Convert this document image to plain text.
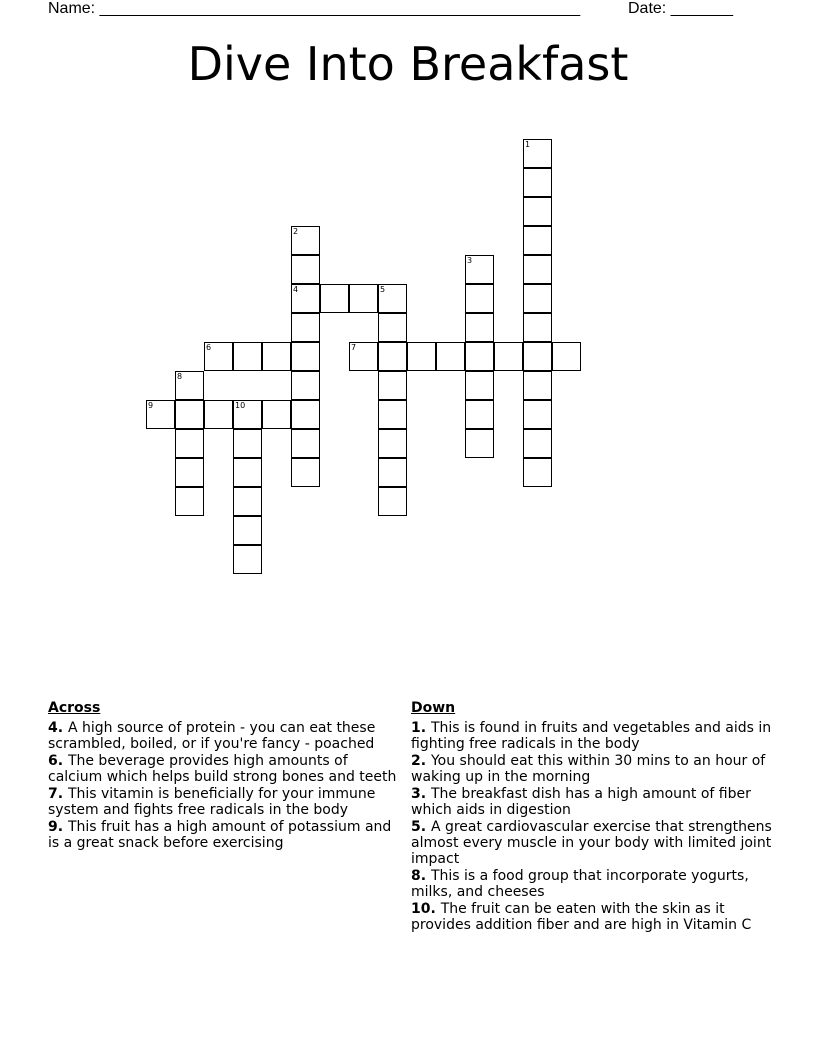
Name: ______________________________________________________	Date: _______
Dive Into Breakfast
4
6	7
9
1
2
3
5
8
10
Across
4. A high source of protein - you can eat these scrambled, boiled, or if you're fancy - poached
6. The beverage provides high amounts of calcium which helps build strong bones and teeth
7. This vitamin is beneficially for your immune system and fights free radicals in the body
9. This fruit has a high amount of potassium and is a great snack before exercising
Down
1. This is found in fruits and vegetables and aids in fighting free radicals in the body
2. You should eat this within 30 mins to an hour of waking up in the morning
3. The breakfast dish has a high amount of fiber which aids in digestion
5. A great cardiovascular exercise that strengthens almost every muscle in your body with limited joint impact
8. This is a food group that incorporate yogurts, milks, and cheeses
10. The fruit can be eaten with the skin as it provides addition fiber and are high in Vitamin C
